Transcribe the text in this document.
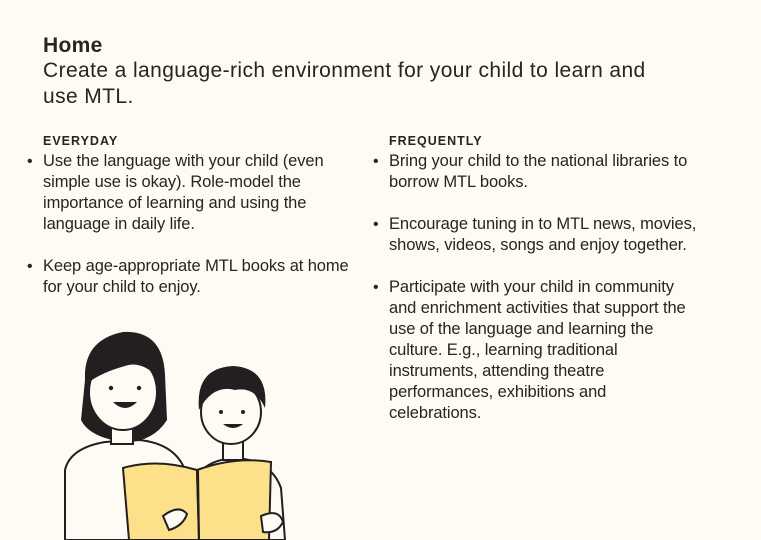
Home
Create a language-rich environment for your child to learn and use MTL.
EVERYDAY
• Use the language with your child (even simple use is okay). Role-model the importance of learning and using the language in daily life.
• Keep age-appropriate MTL books at home for your child to enjoy.
FREQUENTLY
• Bring your child to the national libraries to borrow MTL books.
• Encourage tuning in to MTL news, movies, shows, videos, songs and enjoy together.
• Participate with your child in community and enrichment activities that support the use of the language and learning the culture. E.g., learning traditional instruments, attending theatre performances, exhibitions and celebrations.
